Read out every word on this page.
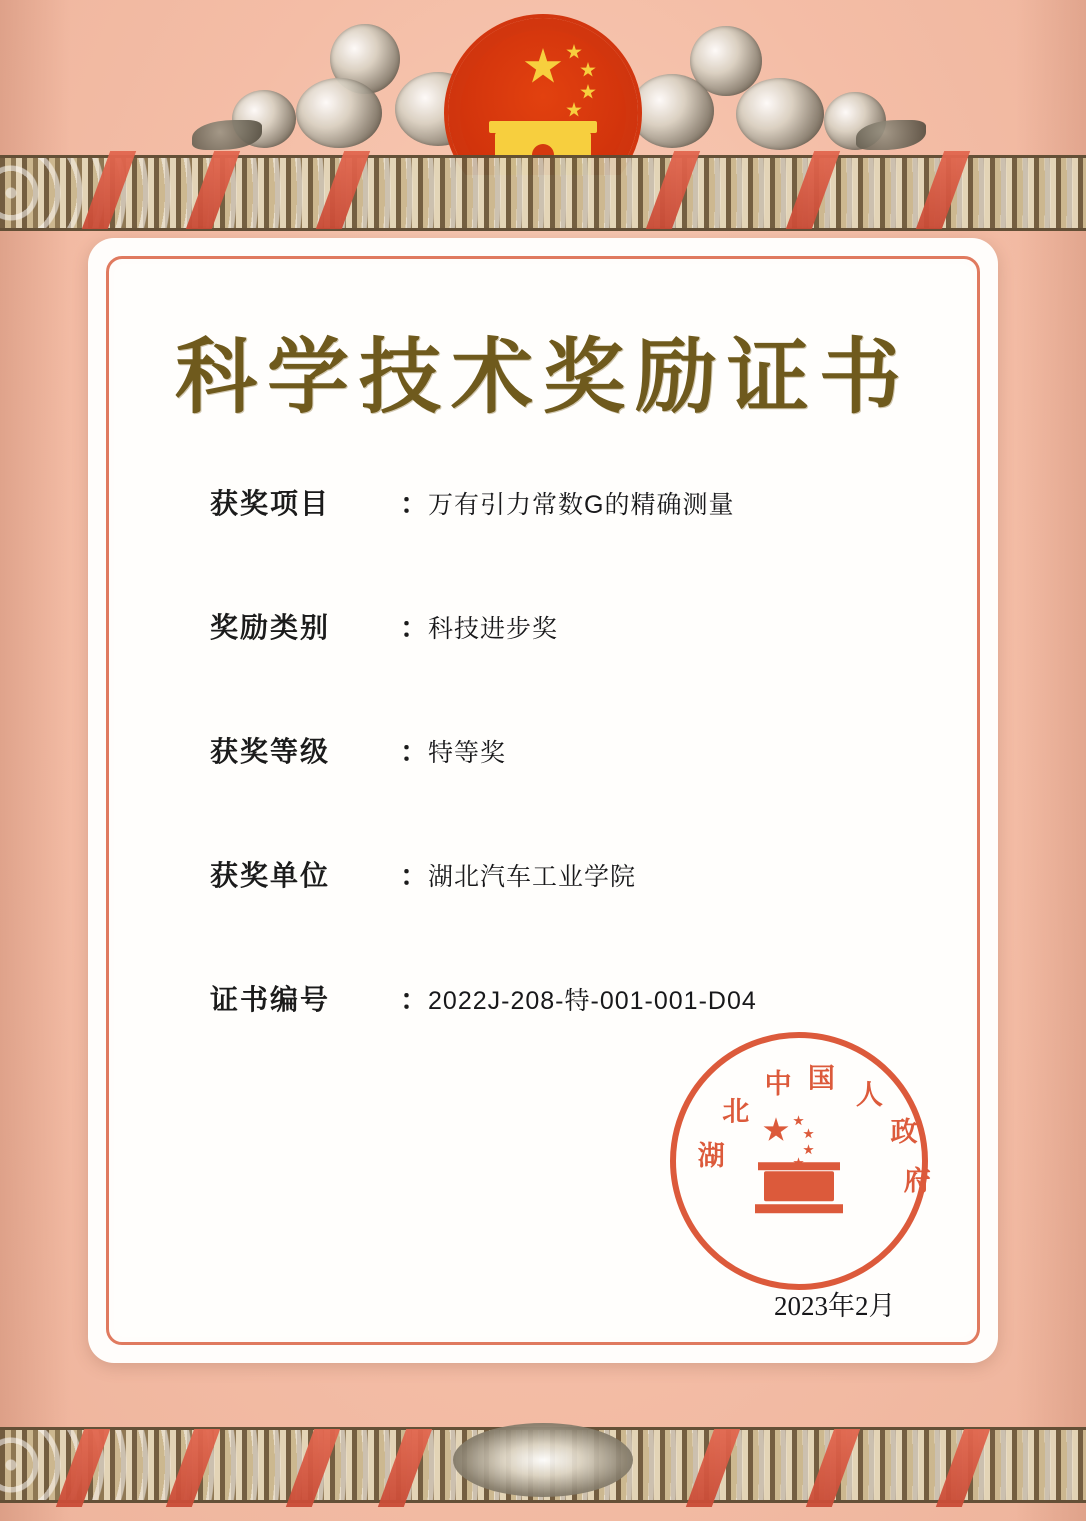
科学技术奖励证书
获奖项目	： 万有引力常数G的精确测量
奖励类别	： 科技进步奖
获奖等级	： 特等奖
获奖单位	： 湖北汽车工业学院
证书编号	： 2022J-208-特-001-001-D04
北
中 国
人
政
府
湖
2023年2月
